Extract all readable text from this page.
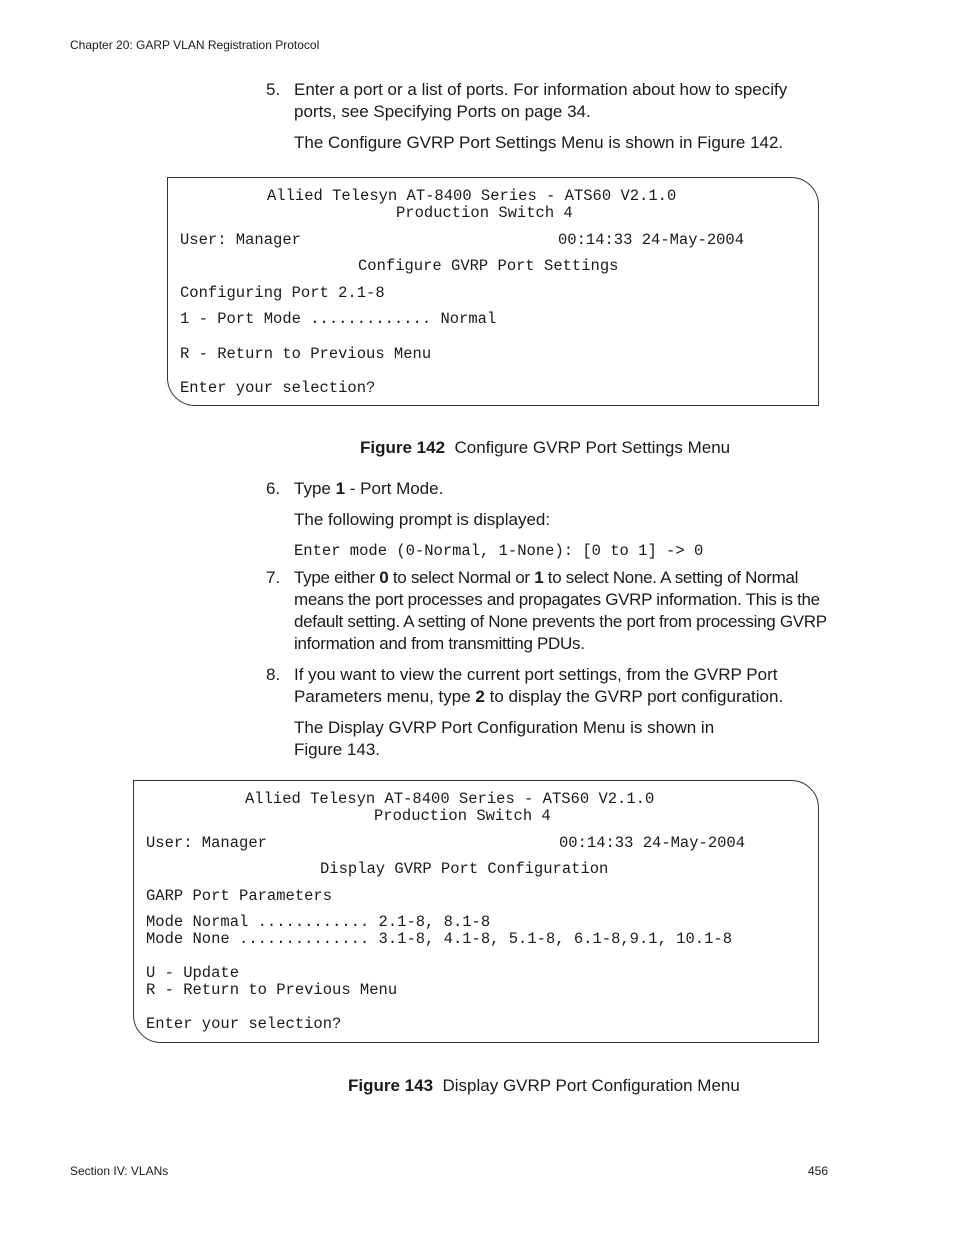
Chapter 20: GARP VLAN Registration Protocol
5. Enter a port or a list of ports. For information about how to specify ports, see Specifying Ports on page 34.
The Configure GVRP Port Settings Menu is shown in Figure 142.
Allied Telesyn AT-8400 Series - ATS60 V2.1.0
Production Switch 4
User: Manager	00:14:33 24-May-2004
Configure GVRP Port Settings
Configuring Port 2.1-8
1 - Port Mode ............. Normal
R - Return to Previous Menu
Enter your selection?
Figure 142 Configure GVRP Port Settings Menu
6. Type 1 - Port Mode.
The following prompt is displayed:
Enter mode (0-Normal, 1-None): [0 to 1] -> 0
7. Type either 0 to select Normal or 1 to select None. A setting of Normal means the port processes and propagates GVRP information. This is the default setting. A setting of None prevents the port from processing GVRP information and from transmitting PDUs.
8. If you want to view the current port settings, from the GVRP Port Parameters menu, type 2 to display the GVRP port configuration.
The Display GVRP Port Configuration Menu is shown in Figure 143.
Allied Telesyn AT-8400 Series - ATS60 V2.1.0
Production Switch 4
User: Manager	00:14:33 24-May-2004
Display GVRP Port Configuration
GARP Port Parameters
Mode Normal ............ 2.1-8, 8.1-8
Mode None .............. 3.1-8, 4.1-8, 5.1-8, 6.1-8,9.1, 10.1-8
U - Update
R - Return to Previous Menu
Enter your selection?
Figure 143 Display GVRP Port Configuration Menu
Section IV: VLANs	456
